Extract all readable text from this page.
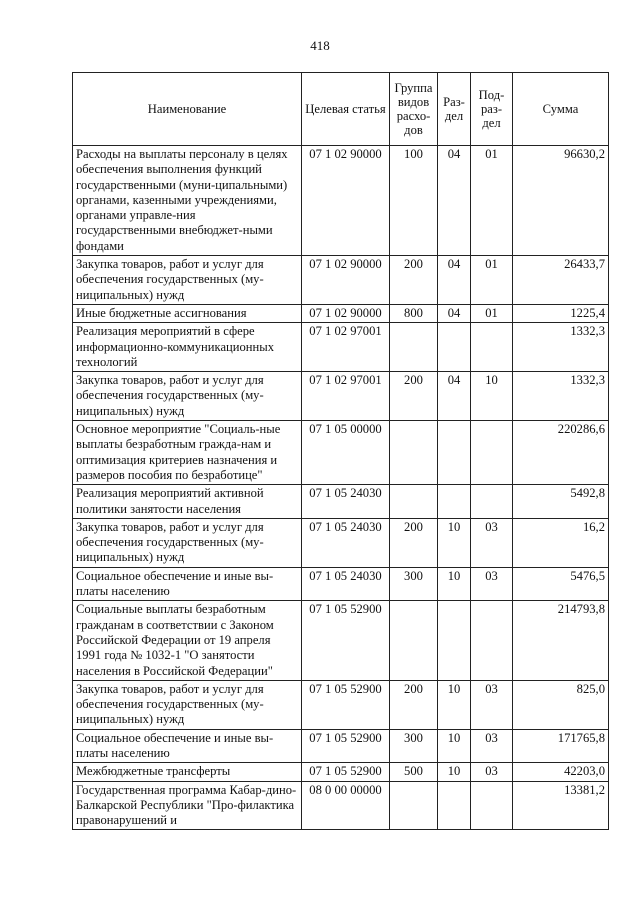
418
Наименование	Целевая статья	Группа видов расхо-дов	Раз-дел	Под-раз-дел	Сумма
Расходы на выплаты персоналу в целях обеспечения выполнения функций государственными (муни-ципальными) органами, казенными учреждениями, органами управле-ния государственными внебюджет-ными фондами	07 1 02 90000	100	04	01	96630,2
Закупка товаров, работ и услуг для обеспечения государственных (му-ниципальных) нужд	07 1 02 90000	200	04	01	26433,7
Иные бюджетные ассигнования	07 1 02 90000	800	04	01	1225,4
Реализация мероприятий в сфере информационно-коммуникационных технологий	07 1 02 97001				1332,3
Закупка товаров, работ и услуг для обеспечения государственных (му-ниципальных) нужд	07 1 02 97001	200	04	10	1332,3
Основное мероприятие "Социаль-ные выплаты безработным гражда-нам и оптимизация критериев назначения и размеров пособия по безработице"	07 1 05 00000				220286,6
Реализация мероприятий активной политики занятости населения	07 1 05 24030				5492,8
Закупка товаров, работ и услуг для обеспечения государственных (му-ниципальных) нужд	07 1 05 24030	200	10	03	16,2
Социальное обеспечение и иные вы-платы населению	07 1 05 24030	300	10	03	5476,5
Социальные выплаты безработным гражданам в соответствии с Законом Российской Федерации от 19 апреля 1991 года № 1032-1 "О занятости населения в Российской Федерации"	07 1 05 52900				214793,8
Закупка товаров, работ и услуг для обеспечения государственных (му-ниципальных) нужд	07 1 05 52900	200	10	03	825,0
Социальное обеспечение и иные вы-платы населению	07 1 05 52900	300	10	03	171765,8
Межбюджетные трансферты	07 1 05 52900	500	10	03	42203,0
Государственная программа Кабар-дино-Балкарской Республики "Про-филактика правонарушений и	08 0 00 00000				13381,2
